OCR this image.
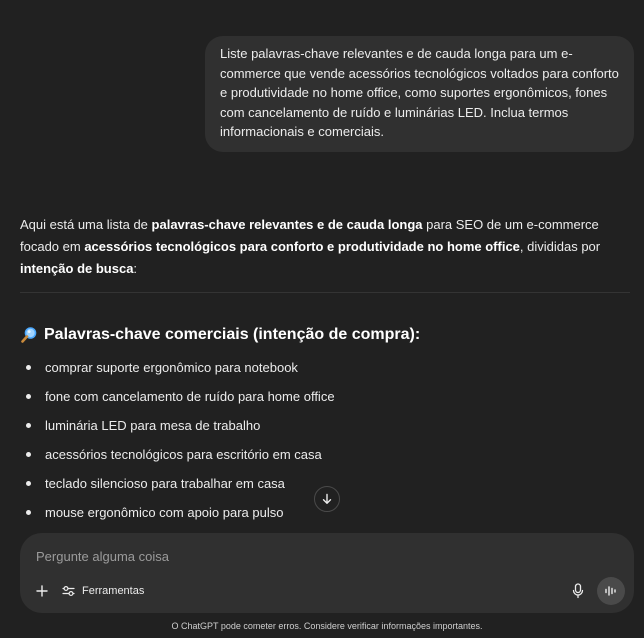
Liste palavras-chave relevantes e de cauda longa para um e-commerce que vende acessórios tecnológicos voltados para conforto e produtividade no home office, como suportes ergonômicos, fones com cancelamento de ruído e luminárias LED. Inclua termos informacionais e comerciais.
Aqui está uma lista de palavras-chave relevantes e de cauda longa para SEO de um e-commerce focado em acessórios tecnológicos para conforto e produtividade no home office, divididas por intenção de busca:
Palavras-chave comerciais (intenção de compra):
comprar suporte ergonômico para notebook
fone com cancelamento de ruído para home office
luminária LED para mesa de trabalho
acessórios tecnológicos para escritório em casa
teclado silencioso para trabalhar em casa
mouse ergonômico com apoio para pulso
Pergunte alguma coisa
Ferramentas
O ChatGPT pode cometer erros. Considere verificar informações importantes.
